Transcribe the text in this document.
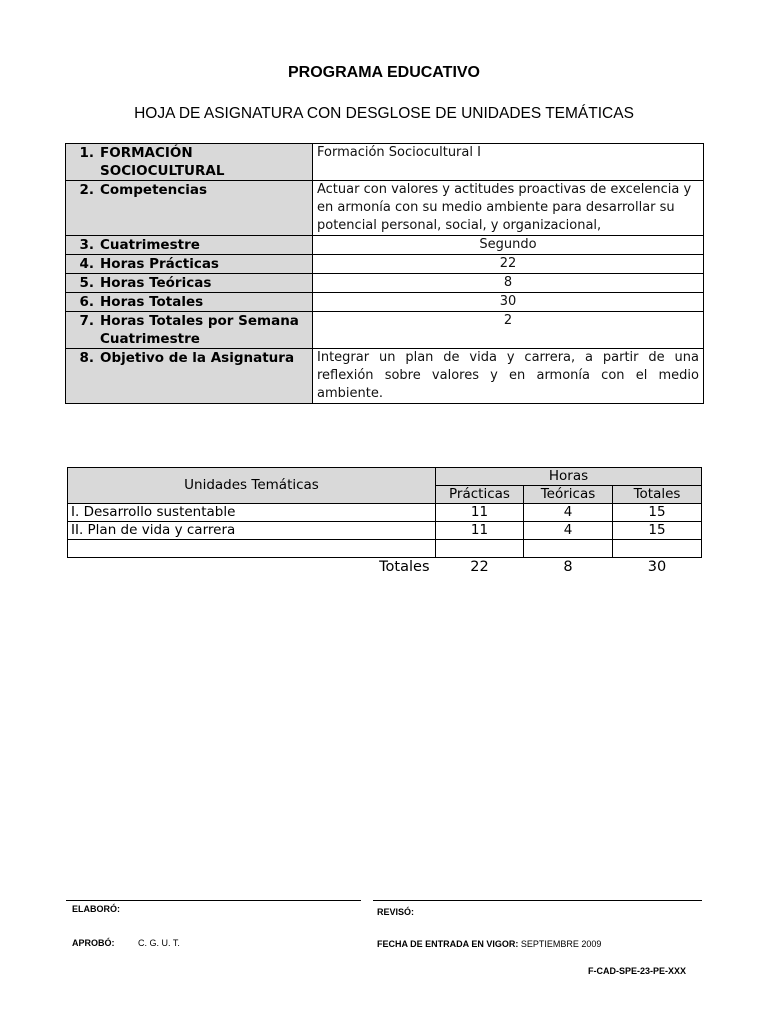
PROGRAMA EDUCATIVO
HOJA DE ASIGNATURA CON DESGLOSE DE UNIDADES TEMÁTICAS
1. FORMACIÓN SOCIOCULTURAL	Formación Sociocultural I
2. Competencias	Actuar con valores y actitudes proactivas de excelencia y en armonía con su medio ambiente para desarrollar su potencial personal, social, y organizacional,
3. Cuatrimestre	Segundo
4. Horas Prácticas	22
5. Horas Teóricas	8
6. Horas Totales	30
7. Horas Totales por Semana Cuatrimestre	2
8. Objetivo de la Asignatura	Integrar un plan de vida y carrera, a partir de una reflexión sobre valores y en armonía con el medio ambiente.
Unidades Temáticas	Horas		
	Prácticas	Teóricas	Totales
I. Desarrollo sustentable	11	4	15
II. Plan de vida y carrera	11	4	15

Totales	22	8	30
ELABORÓ:	REVISÓ:
APROBÓ:	C. G. U. T.	FECHA DE ENTRADA EN VIGOR: SEPTIEMBRE 2009
F-CAD-SPE-23-PE-XXX
